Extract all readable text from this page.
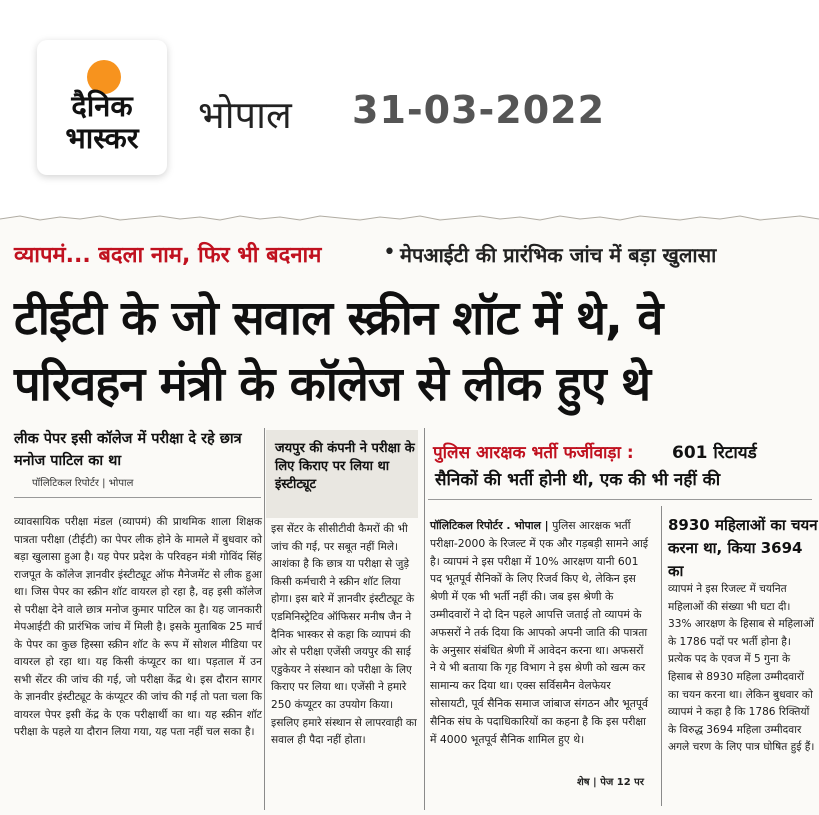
दैनिक
भास्कर
भोपाल 31-03-2022
व्यापमं... बदला नाम, फिर भी बदनाम	• मेपआईटी की प्रारंभिक जांच में बड़ा खुलासा
टीईटी के जो सवाल स्क्रीन शॉट में थे, वे
परिवहन मंत्री के कॉलेज से लीक हुए थे
लीक पेपर इसी कॉलेज में परीक्षा दे रहे छात्र मनोज पाटिल का था
पॉलिटिकल रिपोर्टर | भोपाल
व्यावसायिक परीक्षा मंडल (व्यापमं) की प्राथमिक शाला शिक्षक पात्रता परीक्षा (टीईटी) का पेपर लीक होने के मामले में बुधवार को बड़ा खुलासा हुआ है। यह पेपर प्रदेश के परिवहन मंत्री गोविंद सिंह राजपूत के कॉलेज ज्ञानवीर इंस्टीट्यूट ऑफ मैनेजमेंट से लीक हुआ था। जिस पेपर का स्क्रीन शॉट वायरल हो रहा है, वह इसी कॉलेज से परीक्षा देने वाले छात्र मनोज कुमार पाटिल का है। यह जानकारी मेपआईटी की प्रारंभिक जांच में मिली है। इसके मुताबिक 25 मार्च के पेपर का कुछ हिस्सा स्क्रीन शॉट के रूप में सोशल मीडिया पर वायरल हो रहा था। यह किसी कंप्यूटर का था। पड़ताल में उन सभी सेंटर की जांच की गई, जो परीक्षा केंद्र थे। इस दौरान सागर के ज्ञानवीर इंस्टीट्यूट के कंप्यूटर की जांच की गई तो पता चला कि वायरल पेपर इसी केंद्र के एक परीक्षार्थी का था। यह स्क्रीन शॉट परीक्षा के पहले या दौरान लिया गया, यह पता नहीं चल सका है।
जयपुर की कंपनी ने परीक्षा के लिए किराए पर लिया था इंस्टीट्यूट
इस सेंटर के सीसीटीवी कैमरों की भी जांच की गई, पर सबूत नहीं मिले। आशंका है कि छात्र या परीक्षा से जुड़े किसी कर्मचारी ने स्क्रीन शॉट लिया होगा। इस बारे में ज्ञानवीर इंस्टीट्यूट के एडमिनिस्ट्रेटिव ऑफिसर मनीष जैन ने दैनिक भास्कर से कहा कि व्यापमं की ओर से परीक्षा एजेंसी जयपुर की साई एडुकेयर ने संस्थान को परीक्षा के लिए किराए पर लिया था। एजेंसी ने हमारे 250 कंप्यूटर का उपयोग किया। इसलिए हमारे संस्थान से लापरवाही का सवाल ही पैदा नहीं होता।
पुलिस आरक्षक भर्ती फर्जीवाड़ा : 601 रिटायर्ड
सैनिकों की भर्ती होनी थी, एक की भी नहीं की
पॉलिटिकल रिपोर्टर . भोपाल | पुलिस आरक्षक भर्ती परीक्षा-2000 के रिजल्ट में एक और गड़बड़ी सामने आई है। व्यापमं ने इस परीक्षा में 10% आरक्षण यानी 601 पद भूतपूर्व सैनिकों के लिए रिजर्व किए थे, लेकिन इस श्रेणी में एक भी भर्ती नहीं की। जब इस श्रेणी के उम्मीदवारों ने दो दिन पहले आपत्ति जताई तो व्यापमं के अफसरों ने तर्क दिया कि आपको अपनी जाति की पात्रता के अनुसार संबंधित श्रेणी में आवेदन करना था। अफसरों ने ये भी बताया कि गृह विभाग ने इस श्रेणी को खत्म कर सामान्य कर दिया था। एक्स सर्विसमैन वेलफेयर सोसायटी, पूर्व सैनिक समाज जांबाज संगठन और भूतपूर्व सैनिक संघ के पदाधिकारियों का कहना है कि इस परीक्षा में 4000 भूतपूर्व सैनिक शामिल हुए थे।
शेष | पेज 12 पर
8930 महिलाओं का चयन करना था, किया 3694 का
व्यापमं ने इस रिजल्ट में चयनित महिलाओं की संख्या भी घटा दी। 33% आरक्षण के हिसाब से महिलाओं के 1786 पदों पर भर्ती होना है। प्रत्येक पद के एवज में 5 गुना के हिसाब से 8930 महिला उम्मीदवारों का चयन करना था। लेकिन बुधवार को व्यापमं ने कहा है कि 1786 रिक्तियों के विरुद्ध 3694 महिला उम्मीदवार अगले चरण के लिए पात्र घोषित हुई हैं।
